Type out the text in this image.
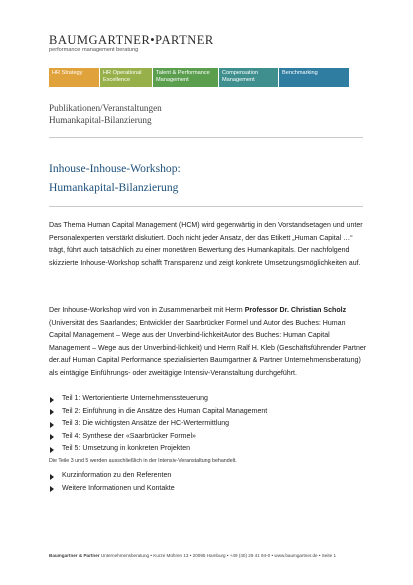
BAUMGARTNER•PARTNER
performance management beratung
HR Strategy	HR Operational Excellence
Talent & Performance Management
Compensation Management
Benchmarking
Publikationen/Veranstaltungen
Humankapital-Bilanzierung
Inhouse-Inhouse-Workshop:
Humankapital-Bilanzierung
Das Thema Human Capital Management (HCM) wird gegenwärtig in den Vorstandsetagen und unter Personalexperten verstärkt diskutiert. Doch nicht jeder Ansatz, der das Etikett „Human Capital …“ trägt, führt auch tatsächlich zu einer monetären Bewertung des Humankapitals. Der nachfolgend skizzierte Inhouse-Workshop schafft Transparenz und zeigt konkrete Umsetzungsmöglichkeiten auf.
Der Inhouse-Workshop wird von in Zusammenarbeit mit Herrn Professor Dr. Christian Scholz (Universität des Saarlandes; Entwickler der Saarbrücker Formel und Autor des Buches: Human Capital Management – Wege aus der Unverbind-lichkeitAutor des Buches: Human Capital Management – Wege aus der Unverbind-lichkeit) und Herrn Ralf H. Kleb (Geschäftsführender Partner der.auf Human Capital Performance spezialisierten Baumgartner & Partner Unternehmensberatung) als eintägige Einführungs- oder zweitägige Intensiv-Veranstaltung durchgeführt.
Teil 1: Wertorientierte Unternehmenssteuerung
Teil 2: Einführung in die Ansätze des Human Capital Management
Teil 3: Die wichtigsten Ansätze der HC-Wertermittlung
Teil 4: Synthese der «Saarbrücker Formel»
Teil 5: Umsetzung in konkreten Projekten
Die Teile 3 und 5 werden ausschließlich in der Intensiv-Veranstaltung behandelt.
Kurzinformation zu den Referenten
Weitere Informationen und Kontakte
Baumgartner & Partner Unternehmensberatung • Kurze Mühren 13 • 20095 Hamburg • +49 (40) 29 41 94-0 • www.baumgartner.de • Seite 1
